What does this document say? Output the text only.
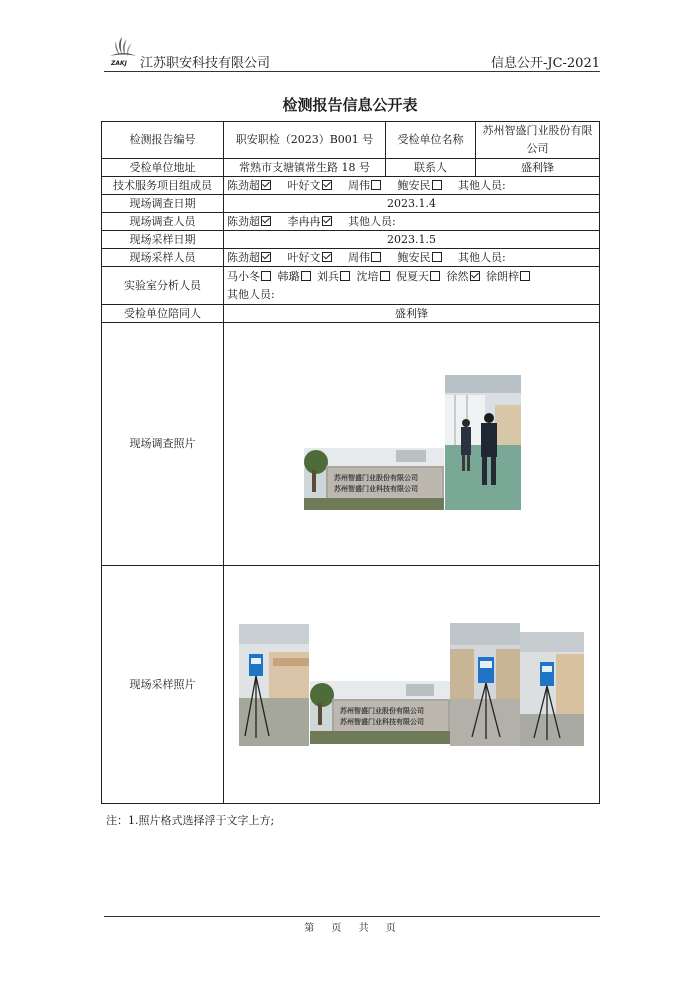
ZAKJ 江苏职安科技有限公司	信息公开-JC-2021
检测报告信息公开表
检测报告编号	职安职检（2023）B001 号	受检单位名称	苏州智盛门业股份有限公司
受检单位地址	常熟市支塘镇常生路 18 号	联系人	盛利锋
技术服务项目组成员	陈劲超 叶好文 周伟 鲍安民 其他人员:		
现场调查日期	2023.1.4		
现场调查人员	陈劲超 李冉冉 其他人员:		
现场采样日期	2023.1.5		
现场采样人员	陈劲超 叶好文 周伟 鲍安民 其他人员:		
实验室分析人员	马小冬 韩璐 刘兵 沈培 倪夏天 徐然 徐朗梓
其他人员:		
受检单位陪同人	盛利锋		
现场调查照片	苏州智盛门业股份有限公司
苏州智盛门业科技有限公司		

现场采样照片	苏州智盛门业股份有限公司
苏州智盛门业科技有限公司		
注：1.照片格式选择浮于文字上方;
第 页 共 页
